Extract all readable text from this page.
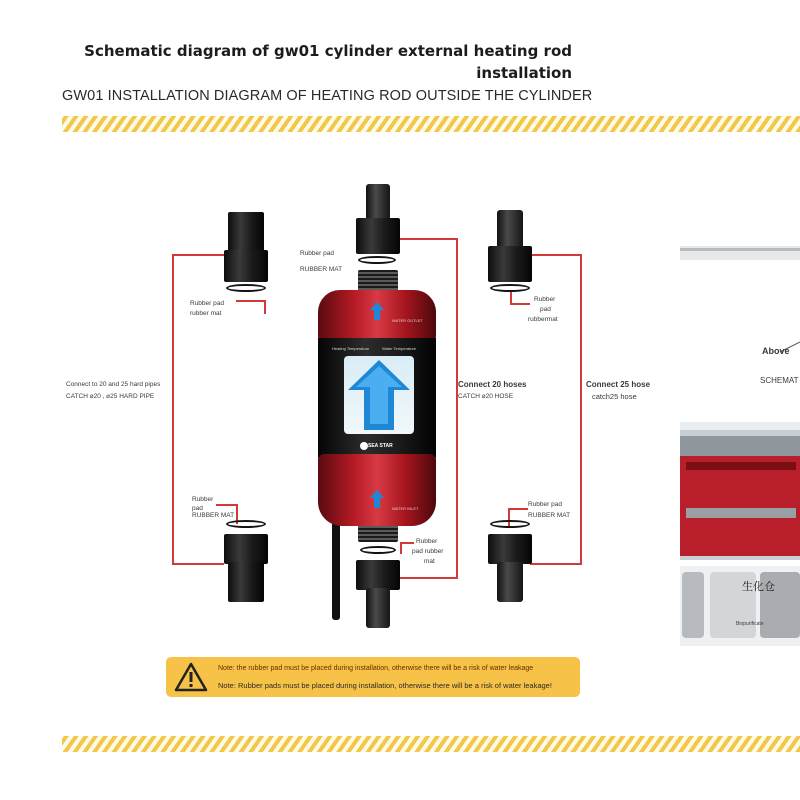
Schematic diagram of gw01 cylinder external heating rod installation
GW01 INSTALLATION DIAGRAM OF HEATING ROD OUTSIDE THE CYLINDER
Rubber pad
RUBBER MAT
Rubber pad
rubber mat
Rubber
pad
rubbermat
Connect to 20 and 25 hard pipes
CATCH ⌀20 , ⌀25 HARD PIPE
Connect 20 hoses
CATCH ⌀20 HOSE
Connect 25 hose
catch25 hose
Rubber
pad
RUBBER MAT
Rubber
pad rubber
mat
Rubber pad
RUBBER MAT
WATER OUTLET
Heating Temperature	Water Temperature
SEA STAR
WATER INLET
Note: the rubber pad must be placed during installation, otherwise there will be a risk of water leakage
Note: Rubber pads must be placed during installation, otherwise there will be a risk of water leakage!
Above
SCHEMAT
生化仓
Biopurificate
